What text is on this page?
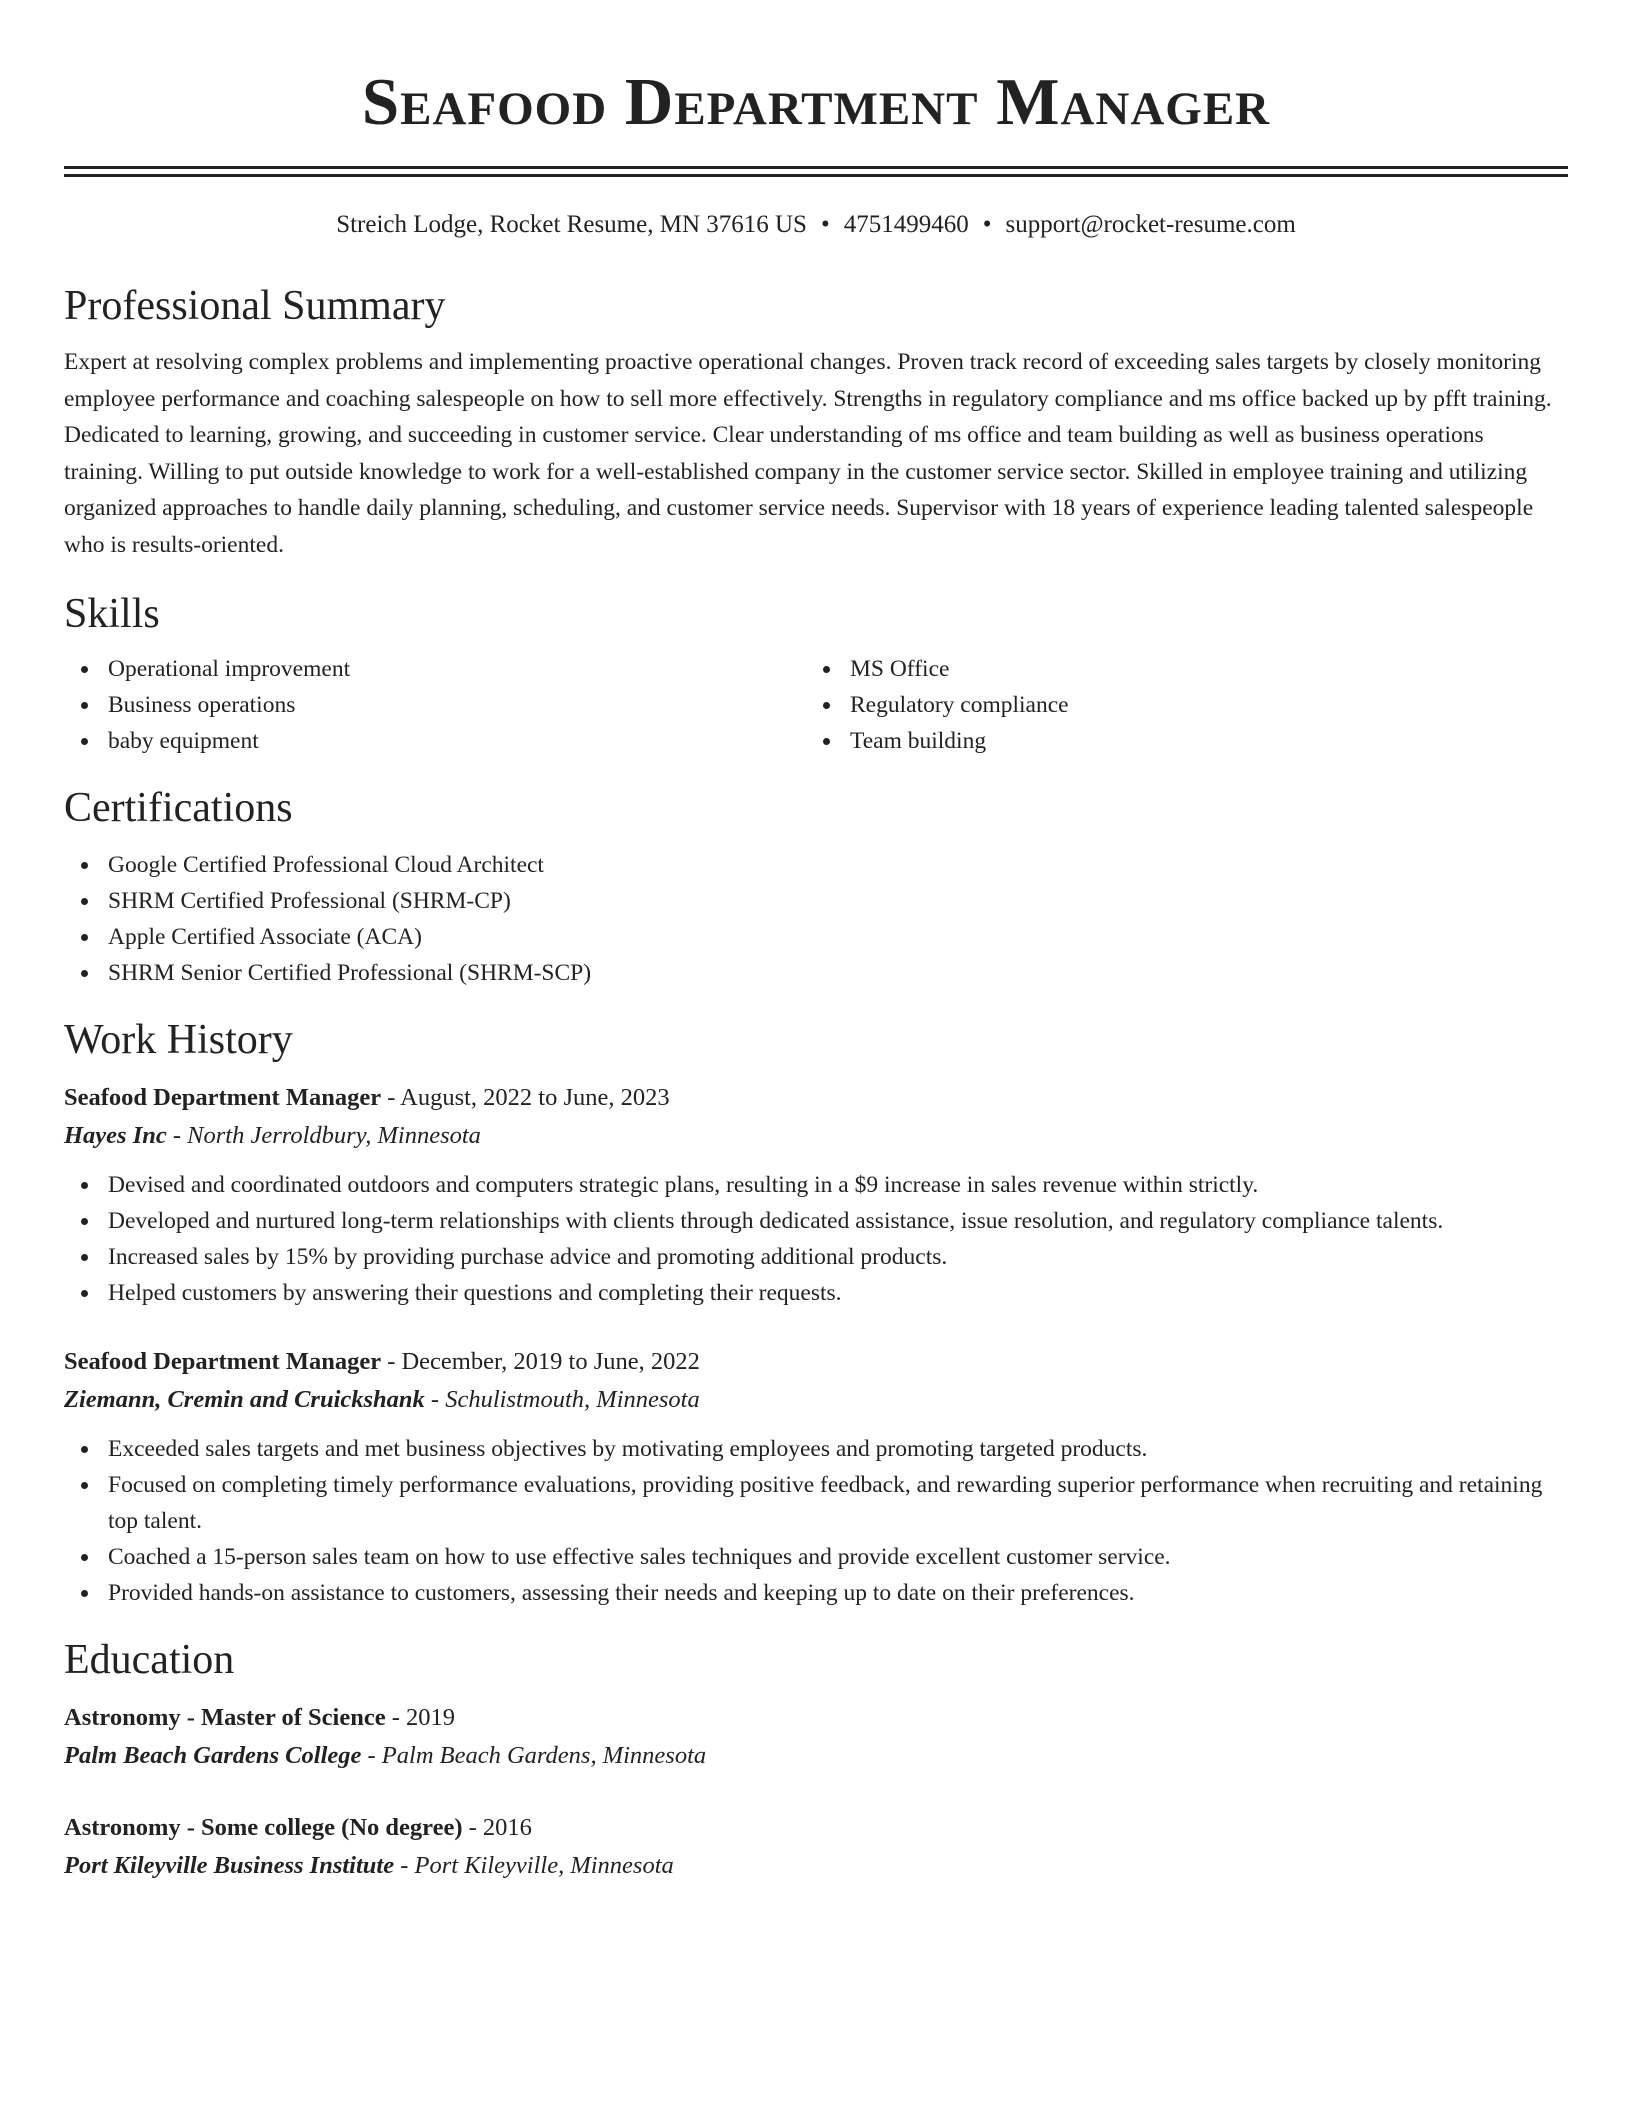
Seafood Department Manager
Streich Lodge, Rocket Resume, MN 37616 US • 4751499460 • support@rocket-resume.com
Professional Summary

Expert at resolving complex problems and implementing proactive operational changes. Proven track record of exceeding sales targets by closely monitoring employee performance and coaching salespeople on how to sell more effectively. Strengths in regulatory compliance and ms office backed up by pfft training. Dedicated to learning, growing, and succeeding in customer service. Clear understanding of ms office and team building as well as business operations training. Willing to put outside knowledge to work for a well-established company in the customer service sector. Skilled in employee training and utilizing organized approaches to handle daily planning, scheduling, and customer service needs. Supervisor with 18 years of experience leading talented salespeople who is results-oriented.

Skills
Operational improvement
Business operations
baby equipment
MS Office
Regulatory compliance
Team building
Certifications
Google Certified Professional Cloud Architect
SHRM Certified Professional (SHRM-CP)
Apple Certified Associate (ACA)
SHRM Senior Certified Professional (SHRM-SCP)
Work History

Seafood Department Manager - August, 2022 to June, 2023

Hayes Inc - North Jerroldbury, Minnesota

Devised and coordinated outdoors and computers strategic plans, resulting in a $9 increase in sales revenue within strictly.
Developed and nurtured long-term relationships with clients through dedicated assistance, issue resolution, and regulatory compliance talents.
Increased sales by 15% by providing purchase advice and promoting additional products.
Helped customers by answering their questions and completing their requests.

Seafood Department Manager - December, 2019 to June, 2022

Ziemann, Cremin and Cruickshank - Schulistmouth, Minnesota

Exceeded sales targets and met business objectives by motivating employees and promoting targeted products.
Focused on completing timely performance evaluations, providing positive feedback, and rewarding superior performance when recruiting and retaining top talent.
Coached a 15-person sales team on how to use effective sales techniques and provide excellent customer service.
Provided hands-on assistance to customers, assessing their needs and keeping up to date on their preferences.
Education

Astronomy - Master of Science - 2019

Palm Beach Gardens College - Palm Beach Gardens, Minnesota

Astronomy - Some college (No degree) - 2016

Port Kileyville Business Institute - Port Kileyville, Minnesota
